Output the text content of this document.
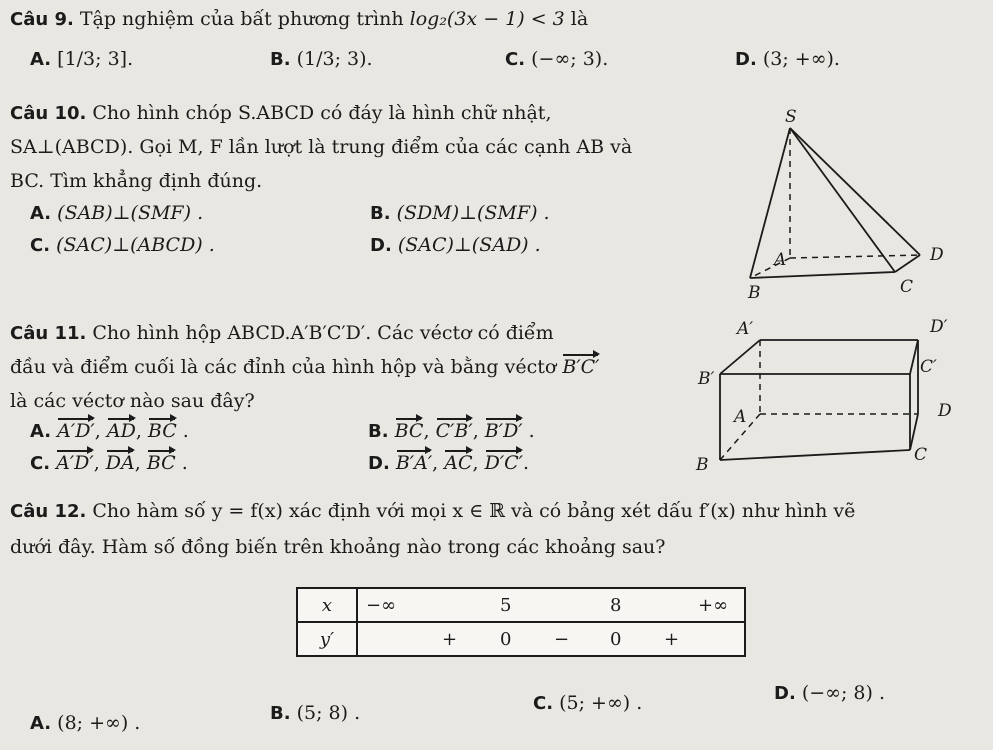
Câu 9. Tập nghiệm của bất phương trình log₂(3x − 1) < 3 là
A. [1/3; 3].	B. (1/3; 3).	C. (−∞; 3).	D. (3; +∞).
Câu 10. Cho hình chóp S.ABCD có đáy là hình chữ nhật,
SA⊥(ABCD). Gọi M, F lần lượt là trung điểm của các cạnh AB và
BC. Tìm khẳng định đúng.
A. (SAB)⊥(SMF) .	B. (SDM)⊥(SMF) .
C. (SAC)⊥(ABCD) .	D. (SAC)⊥(SAD) .
S
A	D
B	C
Câu 11. Cho hình hộp ABCD.A′B′C′D′. Các véctơ có điểm
đầu và điểm cuối là các đỉnh của hình hộp và bằng véctơ B′C′
là các véctơ nào sau đây?
A. A′D′, AD, BC .	B. BC, C′B′, B′D′ .
C. A′D′, DA, BC .	D. B′A′, AC, D′C′.
A′	D′
B′
C′
A	D
B	C
Câu 12. Cho hàm số y = f(x) xác định với mọi x ∈ ℝ và có bảng xét dấu f′(x) như hình vẽ
dưới đây. Hàm số đồng biến trên khoảng nào trong các khoảng sau?
x	−∞ 5 8 +∞

y′	+ 0 − 0 +
A. (8; +∞) .	B. (5; 8) .	C. (5; +∞) .	D. (−∞; 8) .
